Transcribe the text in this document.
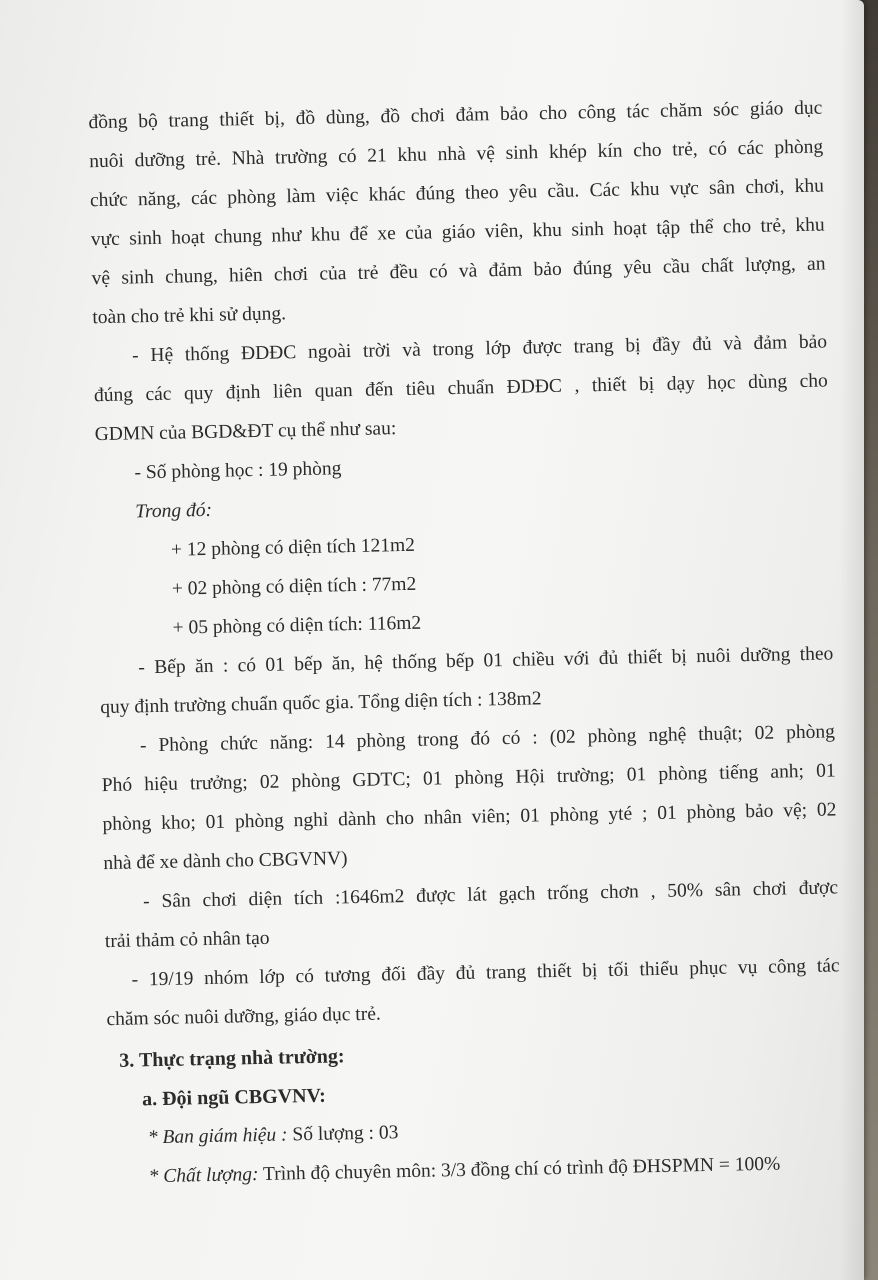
đồng bộ trang thiết bị, đồ dùng, đồ chơi đảm bảo cho công tác chăm sóc giáo dục
nuôi dưỡng trẻ. Nhà trường có 21 khu nhà vệ sinh khép kín cho trẻ, có các phòng
chức năng, các phòng làm việc khác đúng theo yêu cầu. Các khu vực sân chơi, khu
vực sinh hoạt chung như khu để xe của giáo viên, khu sinh hoạt tập thể cho trẻ, khu
vệ sinh chung, hiên chơi của trẻ đều có và đảm bảo đúng yêu cầu chất lượng, an
toàn cho trẻ khi sử dụng.
- Hệ thống ĐDĐC ngoài trời và trong lớp được trang bị đầy đủ và đảm bảo
đúng các quy định liên quan đến tiêu chuẩn ĐDĐC , thiết bị dạy học dùng cho
GDMN của BGD&ĐT cụ thể như sau:
- Số phòng học : 19 phòng
Trong đó:
+ 12 phòng có diện tích 121m2
+ 02 phòng có diện tích : 77m2
+ 05 phòng có diện tích: 116m2
- Bếp ăn : có 01 bếp ăn, hệ thống bếp 01 chiều với đủ thiết bị nuôi dưỡng theo
quy định trường chuẩn quốc gia. Tổng diện tích : 138m2
- Phòng chức năng: 14 phòng trong đó có : (02 phòng nghệ thuật; 02 phòng
Phó hiệu trưởng; 02 phòng GDTC; 01 phòng Hội trường; 01 phòng tiếng anh; 01
phòng kho; 01 phòng nghỉ dành cho nhân viên; 01 phòng yté ; 01 phòng bảo vệ; 02
nhà để xe dành cho CBGVNV)
- Sân chơi diện tích :1646m2 được lát gạch trống chơn , 50% sân chơi được
trải thảm cỏ nhân tạo
- 19/19 nhóm lớp có tương đối đầy đủ trang thiết bị tối thiểu phục vụ công tác
chăm sóc nuôi dưỡng, giáo dục trẻ.
3. Thực trạng nhà trường:
a. Đội ngũ CBGVNV:
* Ban giám hiệu : Số lượng : 03
* Chất lượng: Trình độ chuyên môn: 3/3 đồng chí có trình độ ĐHSPMN = 100%
